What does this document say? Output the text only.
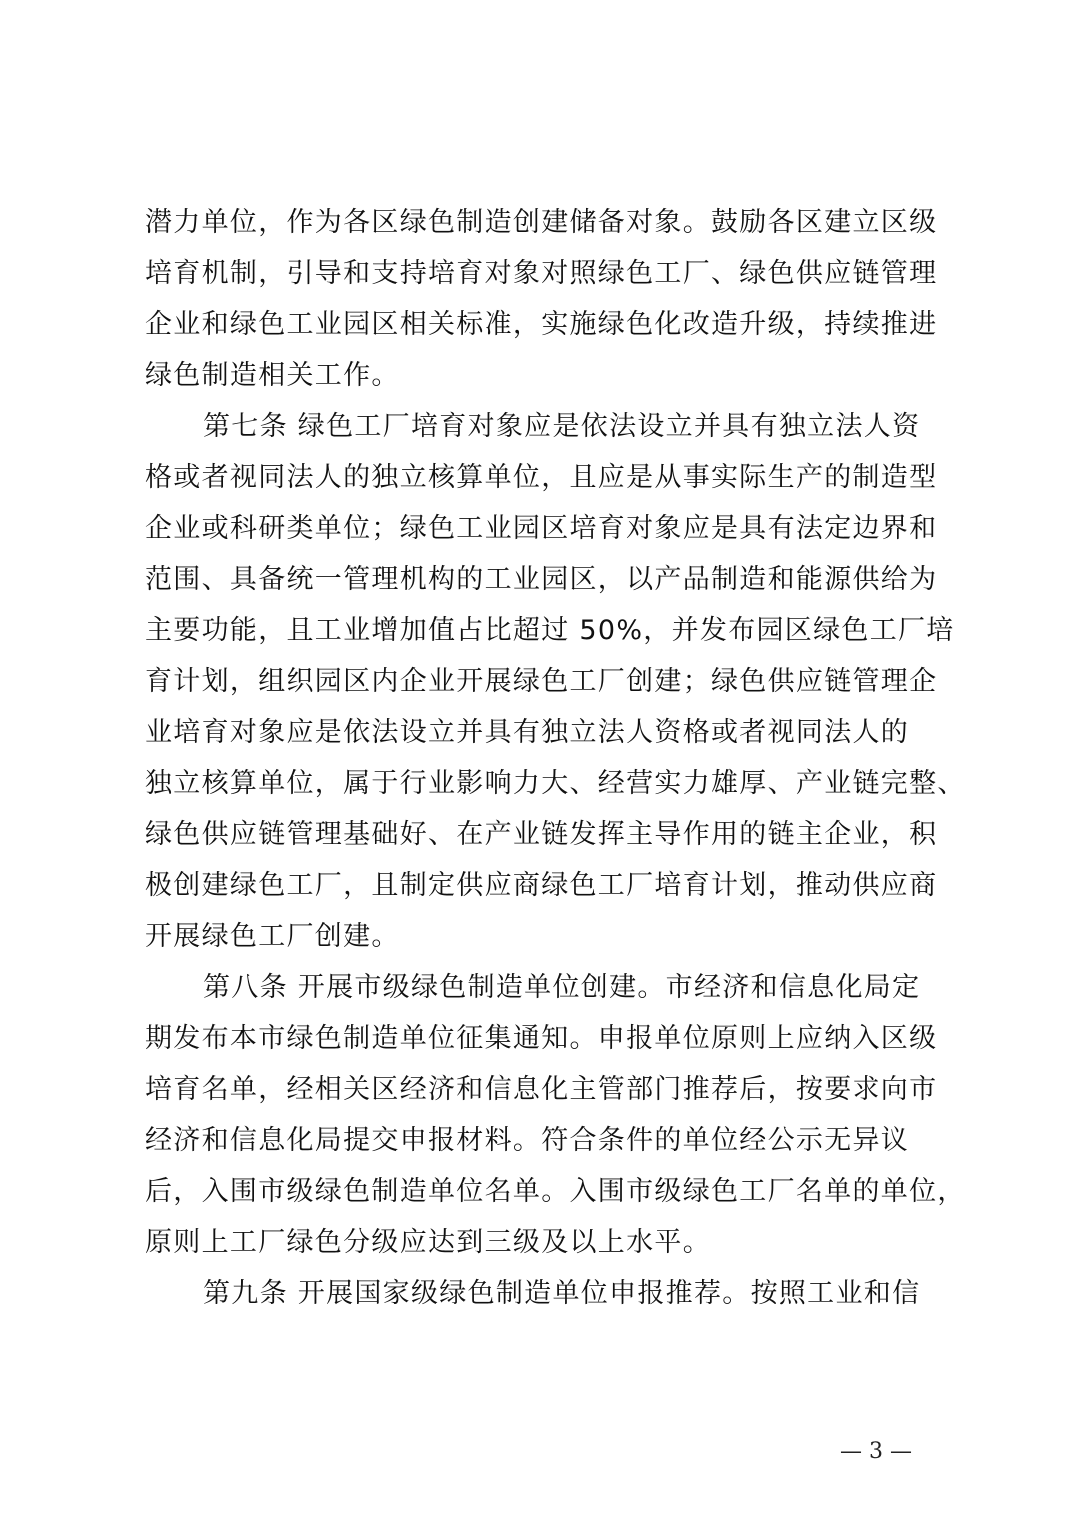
潜力单位，作为各区绿色制造创建储备对象。鼓励各区建立区级
培育机制，引导和支持培育对象对照绿色工厂、绿色供应链管理
企业和绿色工业园区相关标准，实施绿色化改造升级，持续推进
绿色制造相关工作。
第七条 绿色工厂培育对象应是依法设立并具有独立法人资
格或者视同法人的独立核算单位，且应是从事实际生产的制造型
企业或科研类单位；绿色工业园区培育对象应是具有法定边界和
范围、具备统一管理机构的工业园区，以产品制造和能源供给为
主要功能，且工业增加值占比超过 50%，并发布园区绿色工厂培
育计划，组织园区内企业开展绿色工厂创建；绿色供应链管理企
业培育对象应是依法设立并具有独立法人资格或者视同法人的
独立核算单位，属于行业影响力大、经营实力雄厚、产业链完整、
绿色供应链管理基础好、在产业链发挥主导作用的链主企业，积
极创建绿色工厂，且制定供应商绿色工厂培育计划，推动供应商
开展绿色工厂创建。
第八条 开展市级绿色制造单位创建。市经济和信息化局定
期发布本市绿色制造单位征集通知。申报单位原则上应纳入区级
培育名单，经相关区经济和信息化主管部门推荐后，按要求向市
经济和信息化局提交申报材料。符合条件的单位经公示无异议
后，入围市级绿色制造单位名单。入围市级绿色工厂名单的单位，
原则上工厂绿色分级应达到三级及以上水平。
第九条 开展国家级绿色制造单位申报推荐。按照工业和信
— 3 —
